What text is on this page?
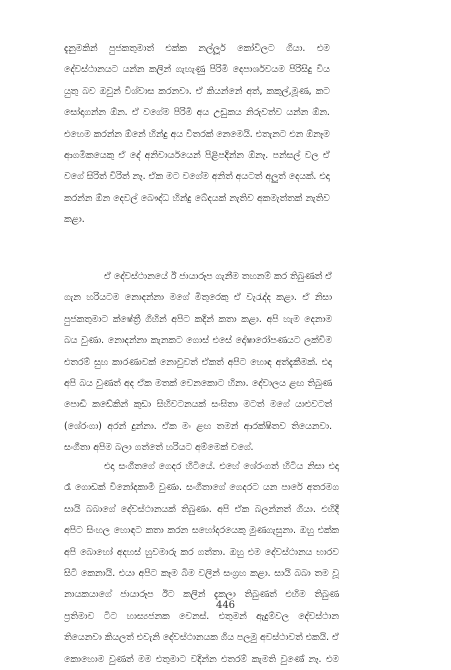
දැනුමකින් පුජකතුමාත් එක්ක නල්ලූර් කෝවිලට ගියා. එම
දේවස්ථානයට යන්න කලින් ගැහැණු පිරිමි දෙපාර්ශවයම පිරිසිදු විය
යුතු බව ඔවුන් විශ්වාස කරනවා. ඒ කියන්නේ අත්, කකුල්,මූණ, කට
සෝදාගන්න ඕන. ඒ වගේම පිරිමි අය උඩුකය නිරුවත්ව යන්න ඕන.
එහෙම කරන්න ඕනේ හින්දු අය විතරක් නෙමෙයි. එතැනට එන ඕනෑම
ආගමිකයෙකු ඒ දේ අනිවාර්යයෙන් පිළිපදින්න ඕනෑ. පන්සල් වල ඒ
වගේ සිරිත් විරිත් නෑ. ඒක මට වගේම අනිත් අයටත් අලුත් දෙයක්. එදා
කරන්න ඕන දෙවල් බෞද්ධ හින්දු බේදයක් නැතිව අකමැත්තක් නැතිව
කළා.
ඒ දේවස්ථානයේ ඊ ජායාරූප ගැනීම තහනම් කර තිබුණත් ඒ
ගැන හරියටම නොදන්නා මගේ මිතුරෙකු ඒ වැරැද්ද කළා. ඒ නිසා
පුජකතුමාට ක්ෂේත්‍රී ගිහින් අපිට කදින් කතා කළා. අපි හැම දෙනාම
බය වුණා. නොදන්නා කැනකට ගොස් එසේ දෝෂාරෝපණයට ලක්විම
එතරම් සුහ කාරණාවක් නොවුවත් ඒකත් අපිට හොඳ අත්දැකීමක්. එදා
අපි බය වුණත් අද ඒක මතක් වෙනකොට හිනා. දේවාලය ළඟ තිබුණ
පොඩි කඩේකින් කුඩා සිහිවටනයක් සංඝිතා මටත් මගේ යාළුවටත්
(ශේරංගා) අරන් දුන්නා. ඒක මං ළඟ තමන් ආරක්ෂිතව තියෙනවා.
සංගීතා අපිම බලා ගත්තේ හරියට අම්මෙක් වගේ.
එදා සංගීතගේ ගෙදර හිටියේ. එහේ ශේරංගත් හිටිය නිසා එදා
රෑ ගොඩක් විනෝදකාමී වුණා. සංගීතාගේ ගෙදරට යන පාරේ අතරමග
සායි බබාගේ දේවස්ථානයක් තිබුණා. අපි ඒක බලන්නත් ගියා. එහිදී
අපිට සිංහල හොඳට කතා කරන සහෝදරයෙකු මුණගැසුනා. ඔහු එක්ක
අපි බොහෝ අදහස් හුවමාරු කර ගත්තා. ඔහු එම දේවස්ථානය භාරව
සිටි කෙනායි. එයා අපිට කෑම බීම වලින් සංග්‍රහ කළා. සායි බබා තම වූ
නායකයාගේ ජායාරූප ඊට කලින් දැකලා තිබුණත් එහිම තිබුණ
ප්‍රතිමාව ටිට හාස්‍යජනක වෙනස්. එතුමන් ඇදුම්වල දේවස්ථාන
තියෙනවා කියලත් එවැනි දේවස්ථානයක ගිය පලමු අවස්ථාවත් එකයි. ඒ
කොහොම වුණත් මම එතුමාට වදින්න එතරම් කැමති වුණේ නෑ. එම
446
